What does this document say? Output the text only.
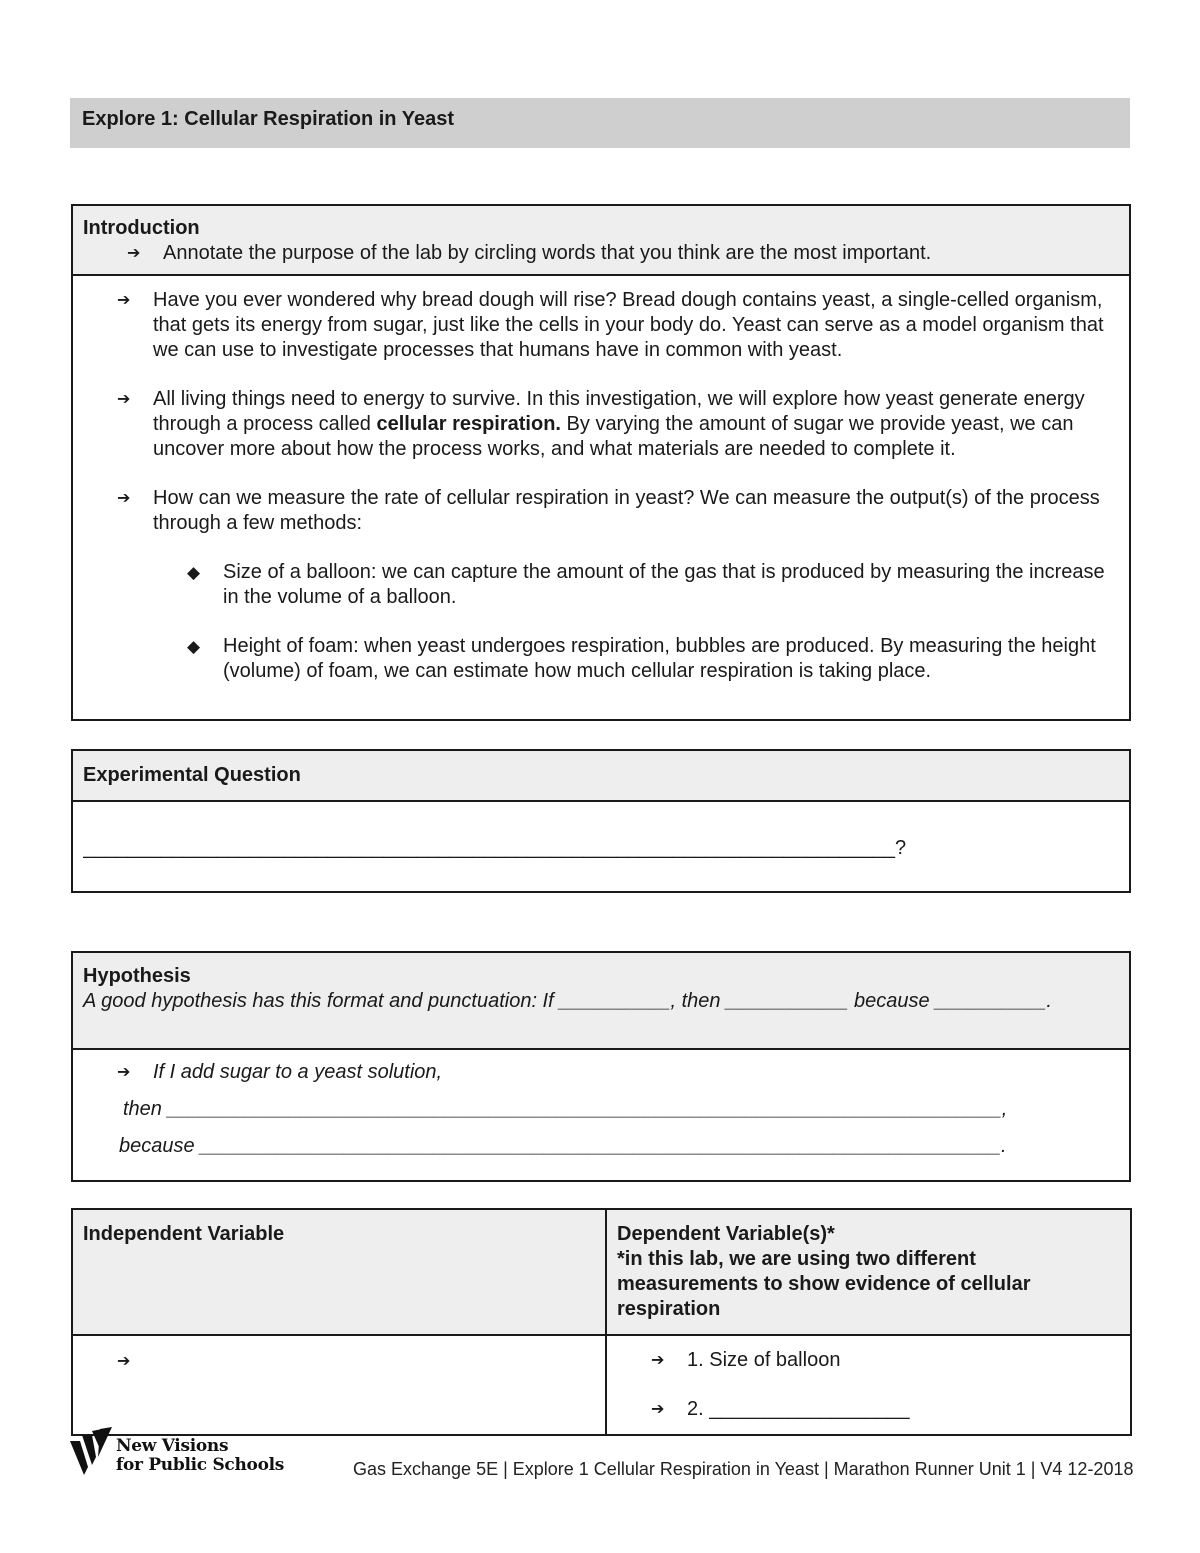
Explore 1: Cellular Respiration in Yeast
Introduction
➔	Annotate the purpose of the lab by circling words that you think are the most important.
➔	Have you ever wondered why bread dough will rise? Bread dough contains yeast, a single-celled organism, that gets its energy from sugar, just like the cells in your body do. Yeast can serve as a model organism that we can use to investigate processes that humans have in common with yeast.
➔	All living things need to energy to survive. In this investigation, we will explore how yeast generate energy through a process called cellular respiration. By varying the amount of sugar we provide yeast, we can uncover more about how the process works, and what materials are needed to complete it.
➔	How can we measure the rate of cellular respiration in yeast? We can measure the output(s) of the process through a few methods:
◆	Size of a balloon: we can capture the amount of the gas that is produced by measuring the increase in the volume of a balloon.
◆	Height of foam: when yeast undergoes respiration, bubbles are produced. By measuring the height (volume) of foam, we can estimate how much cellular respiration is taking place.
Experimental Question
_________________________________________________________________________?
Hypothesis
A good hypothesis has this format and punctuation: If __________, then ___________ because __________.
➔	If I add sugar to a yeast solution,
then ___________________________________________________________________________,
because ________________________________________________________________________.
Independent Variable	Dependent Variable(s)*
*in this lab, we are using two different measurements to show evidence of cellular respiration

➔	➔ 1. Size of balloon
➔ 2. __________________
New Visions
for Public Schools	Gas Exchange 5E | Explore 1 Cellular Respiration in Yeast | Marathon Runner Unit 1 | V4 12-2018
